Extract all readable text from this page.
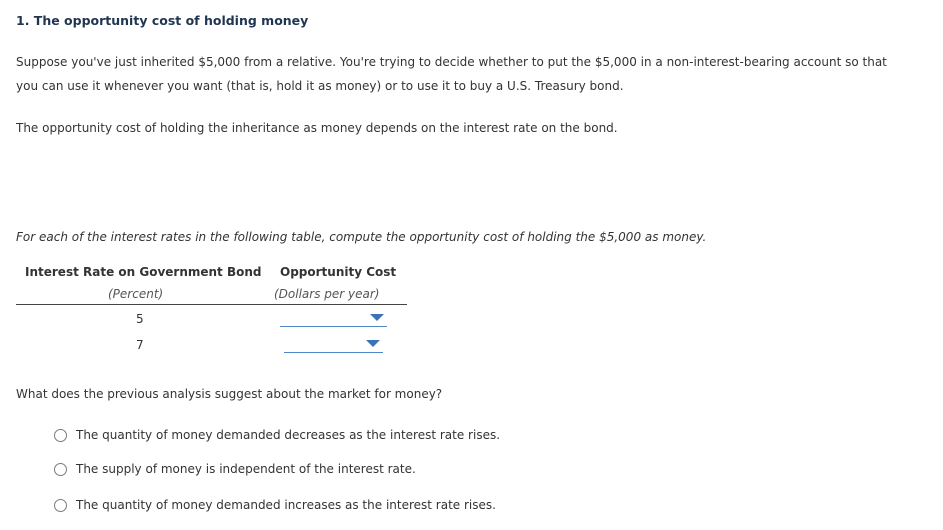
1. The opportunity cost of holding money
Suppose you've just inherited $5,000 from a relative. You're trying to decide whether to put the $5,000 in a non-interest-bearing account so that
you can use it whenever you want (that is, hold it as money) or to use it to buy a U.S. Treasury bond.
The opportunity cost of holding the inheritance as money depends on the interest rate on the bond.
For each of the interest rates in the following table, compute the opportunity cost of holding the $5,000 as money.
Interest Rate on Government Bond
(Percent)
Opportunity Cost
(Dollars per year)
5
7
What does the previous analysis suggest about the market for money?
The quantity of money demanded decreases as the interest rate rises.
The supply of money is independent of the interest rate.
The quantity of money demanded increases as the interest rate rises.
